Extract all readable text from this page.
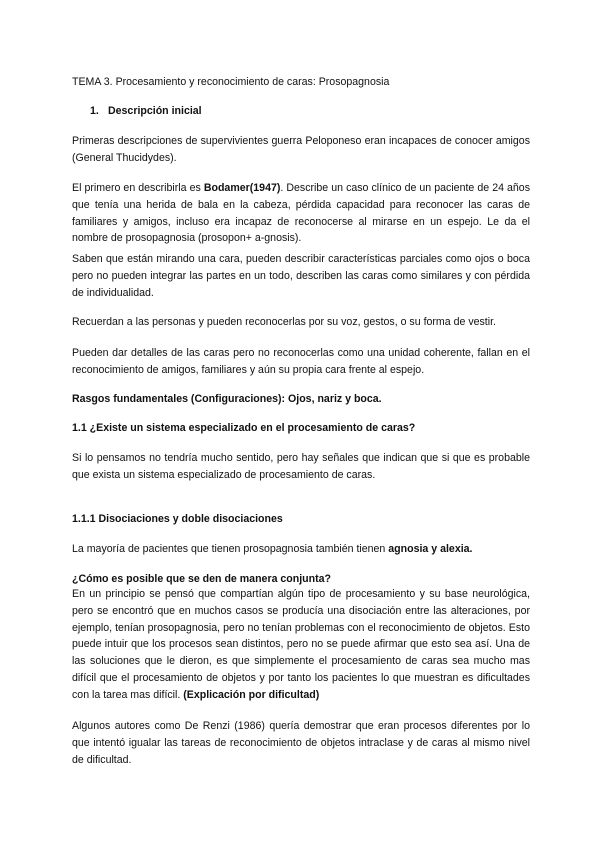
TEMA 3. Procesamiento y reconocimiento de caras: Prosopagnosia

1. Descripción inicial

Primeras descripciones de supervivientes guerra Peloponeso eran incapaces de conocer amigos (General Thucidydes).

El primero en describirla es Bodamer(1947). Describe un caso clínico de un paciente de 24 años que tenía una herida de bala en la cabeza, pérdida capacidad para reconocer las caras de familiares y amigos, incluso era incapaz de reconocerse al mirarse en un espejo. Le da el nombre de prosopagnosia (prosopon+ a-gnosis).

Saben que están mirando una cara, pueden describir características parciales como ojos o boca pero no pueden integrar las partes en un todo, describen las caras como similares y con pérdida de individualidad.

Recuerdan a las personas y pueden reconocerlas por su voz, gestos, o su forma de vestir.

Pueden dar detalles de las caras pero no reconocerlas como una unidad coherente, fallan en el reconocimiento de amigos, familiares y aún su propia cara frente al espejo.

Rasgos fundamentales (Configuraciones): Ojos, nariz y boca.

1.1 ¿Existe un sistema especializado en el procesamiento de caras?

Si lo pensamos no tendría mucho sentido, pero hay señales que indican que si que es probable que exista un sistema especializado de procesamiento de caras.

1.1.1 Disociaciones y doble disociaciones

La mayoría de pacientes que tienen prosopagnosia también tienen agnosia y alexia.

¿Cómo es posible que se den de manera conjunta?

En un principio se pensó que compartían algún tipo de procesamiento y su base neurológica, pero se encontró que en muchos casos se producía una disociación entre las alteraciones, por ejemplo, tenían prosopagnosia, pero no tenían problemas con el reconocimiento de objetos. Esto puede intuir que los procesos sean distintos, pero no se puede afirmar que esto sea así. Una de las soluciones que le dieron, es que simplemente el procesamiento de caras sea mucho mas difícil que el procesamiento de objetos y por tanto los pacientes lo que muestran es dificultades con la tarea mas difícil. (Explicación por dificultad)

Algunos autores como De Renzi (1986) quería demostrar que eran procesos diferentes por lo que intentó igualar las tareas de reconocimiento de objetos intraclase y de caras al mismo nivel de dificultad.
